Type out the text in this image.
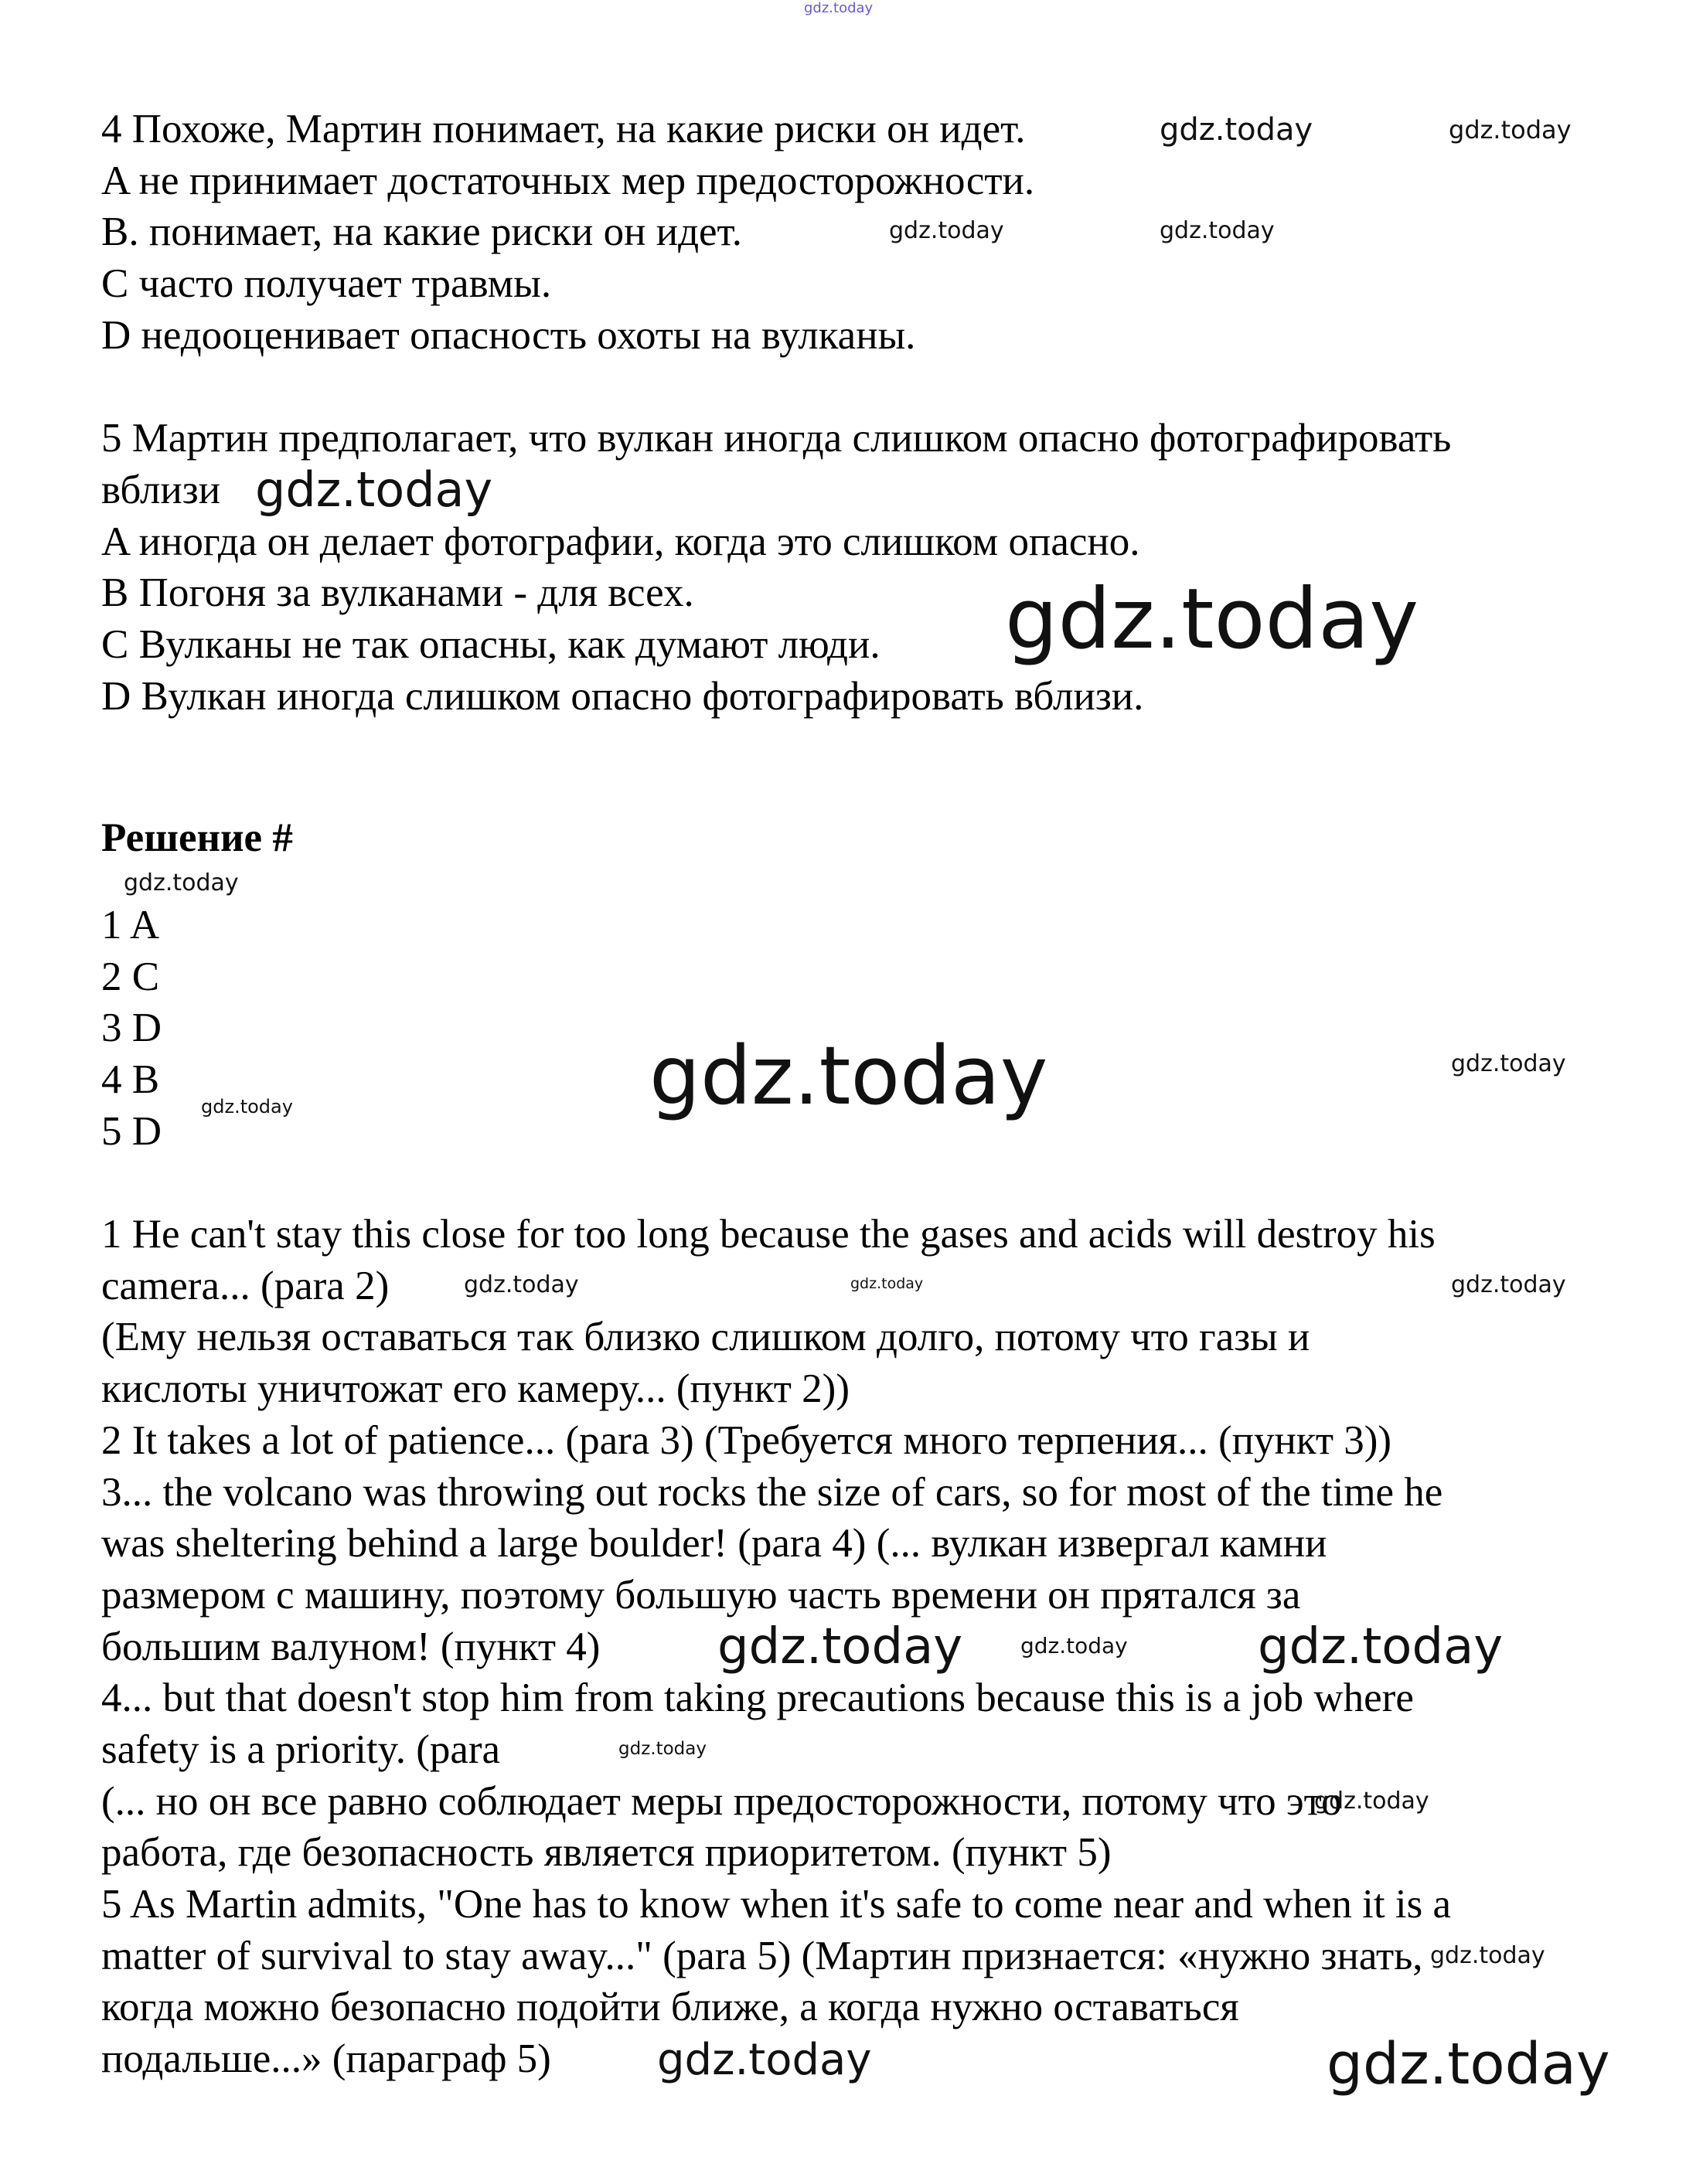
4 Похоже, Мартин понимает, на какие риски он идет.
A не принимает достаточных мер предосторожности.
B. понимает, на какие риски он идет.
C часто получает травмы.
D недооценивает опасность охоты на вулканы.
5 Мартин предполагает, что вулкан иногда слишком опасно фотографировать
вблизи
A иногда он делает фотографии, когда это слишком опасно.
B Погоня за вулканами - для всех.
C Вулканы не так опасны, как думают люди.
D Вулкан иногда слишком опасно фотографировать вблизи.
Решение #
1 A
2 C
3 D
4 B
5 D
1 He can't stay this close for too long because the gases and acids will destroy his
camera... (para 2)
(Ему нельзя оставаться так близко слишком долго, потому что газы и
кислоты уничтожат его камеру... (пункт 2))
2 It takes a lot of patience... (para 3) (Требуется много терпения... (пункт 3))
3... the volcano was throwing out rocks the size of cars, so for most of the time he
was sheltering behind a large boulder! (para 4) (... вулкан извергал камни
размером с машину, поэтому большую часть времени он прятался за
большим валуном! (пункт 4)
4... but that doesn't stop him from taking precautions because this is a job where
safety is a priority. (para
(... но он все равно соблюдает меры предосторожности, потому что это
работа, где безопасность является приоритетом. (пункт 5)
5 As Martin admits, "One has to know when it's safe to come near and when it is a
matter of survival to stay away..." (para 5) (Мартин признается: «нужно знать,
когда можно безопасно подойти ближе, а когда нужно оставаться
подальше...» (параграф 5)
gdz.today
gdz.today	gdz.today
gdz.today	gdz.today
gdz.today
gdz.today
gdz.today
gdz.today	gdz.today
gdz.today
gdz.today	gdz.today
gdz.today
gdz.today
gdz.today
gdz.today	gdz.today
gdz.today
gdz.today
gdz.today	gdz.today
